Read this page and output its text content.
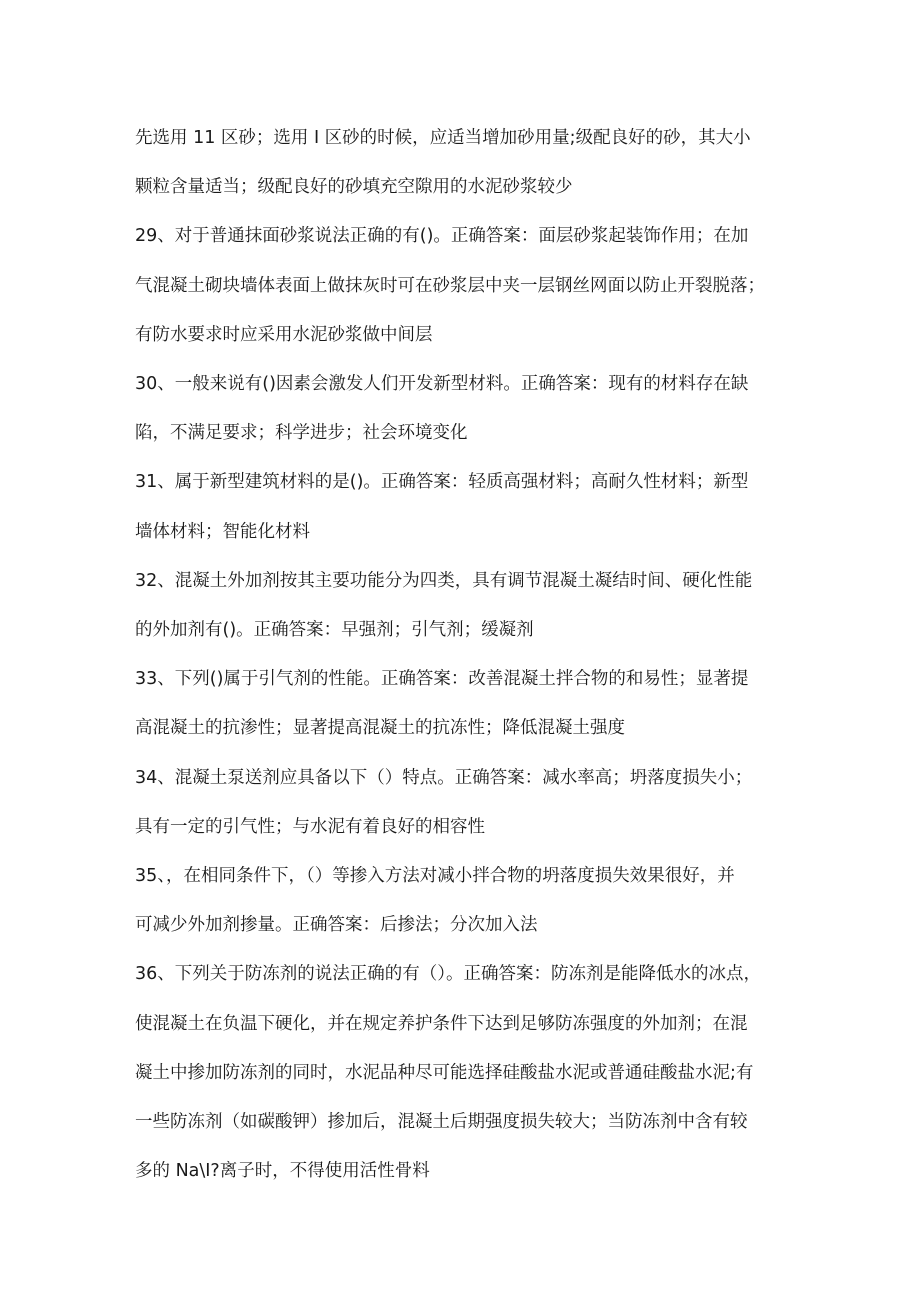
先选用 11 区砂；选用 I 区砂的时候，应适当增加砂用量;级配良好的砂，其大小
颗粒含量适当；级配良好的砂填充空隙用的水泥砂浆较少

29、对于普通抹面砂浆说法正确的有()。正确答案：面层砂浆起装饰作用；在加
气混凝土砌块墙体表面上做抹灰时可在砂浆层中夹一层钢丝网面以防止开裂脱落；
有防水要求时应采用水泥砂浆做中间层

30、一般来说有()因素会激发人们开发新型材料。正确答案：现有的材料存在缺
陷，不满足要求；科学进步；社会环境变化

31、属于新型建筑材料的是()。正确答案：轻质高强材料；高耐久性材料；新型
墙体材料；智能化材料

32、混凝土外加剂按其主要功能分为四类，具有调节混凝土凝结时间、硬化性能
的外加剂有()。正确答案：早强剂；引气剂；缓凝剂

33、下列()属于引气剂的性能。正确答案：改善混凝土拌合物的和易性；显著提
高混凝土的抗渗性；显著提高混凝土的抗冻性；降低混凝土强度

34、混凝土泵送剂应具备以下（）特点。正确答案：减水率高；坍落度损失小；
具有一定的引气性；与水泥有着良好的相容性

35、，在相同条件下，（）等掺入方法对减小拌合物的坍落度损失效果很好，并
可减少外加剂掺量。正确答案：后掺法；分次加入法

36、下列关于防冻剂的说法正确的有（）。正确答案：防冻剂是能降低水的冰点，
使混凝土在负温下硬化，并在规定养护条件下达到足够防冻强度的外加剂；在混
凝土中掺加防冻剂的同时，水泥品种尽可能选择硅酸盐水泥或普通硅酸盐水泥;有
一些防冻剂（如碳酸钾）掺加后，混凝土后期强度损失较大；当防冻剂中含有较
多的 Na\I?离子时，不得使用活性骨料
